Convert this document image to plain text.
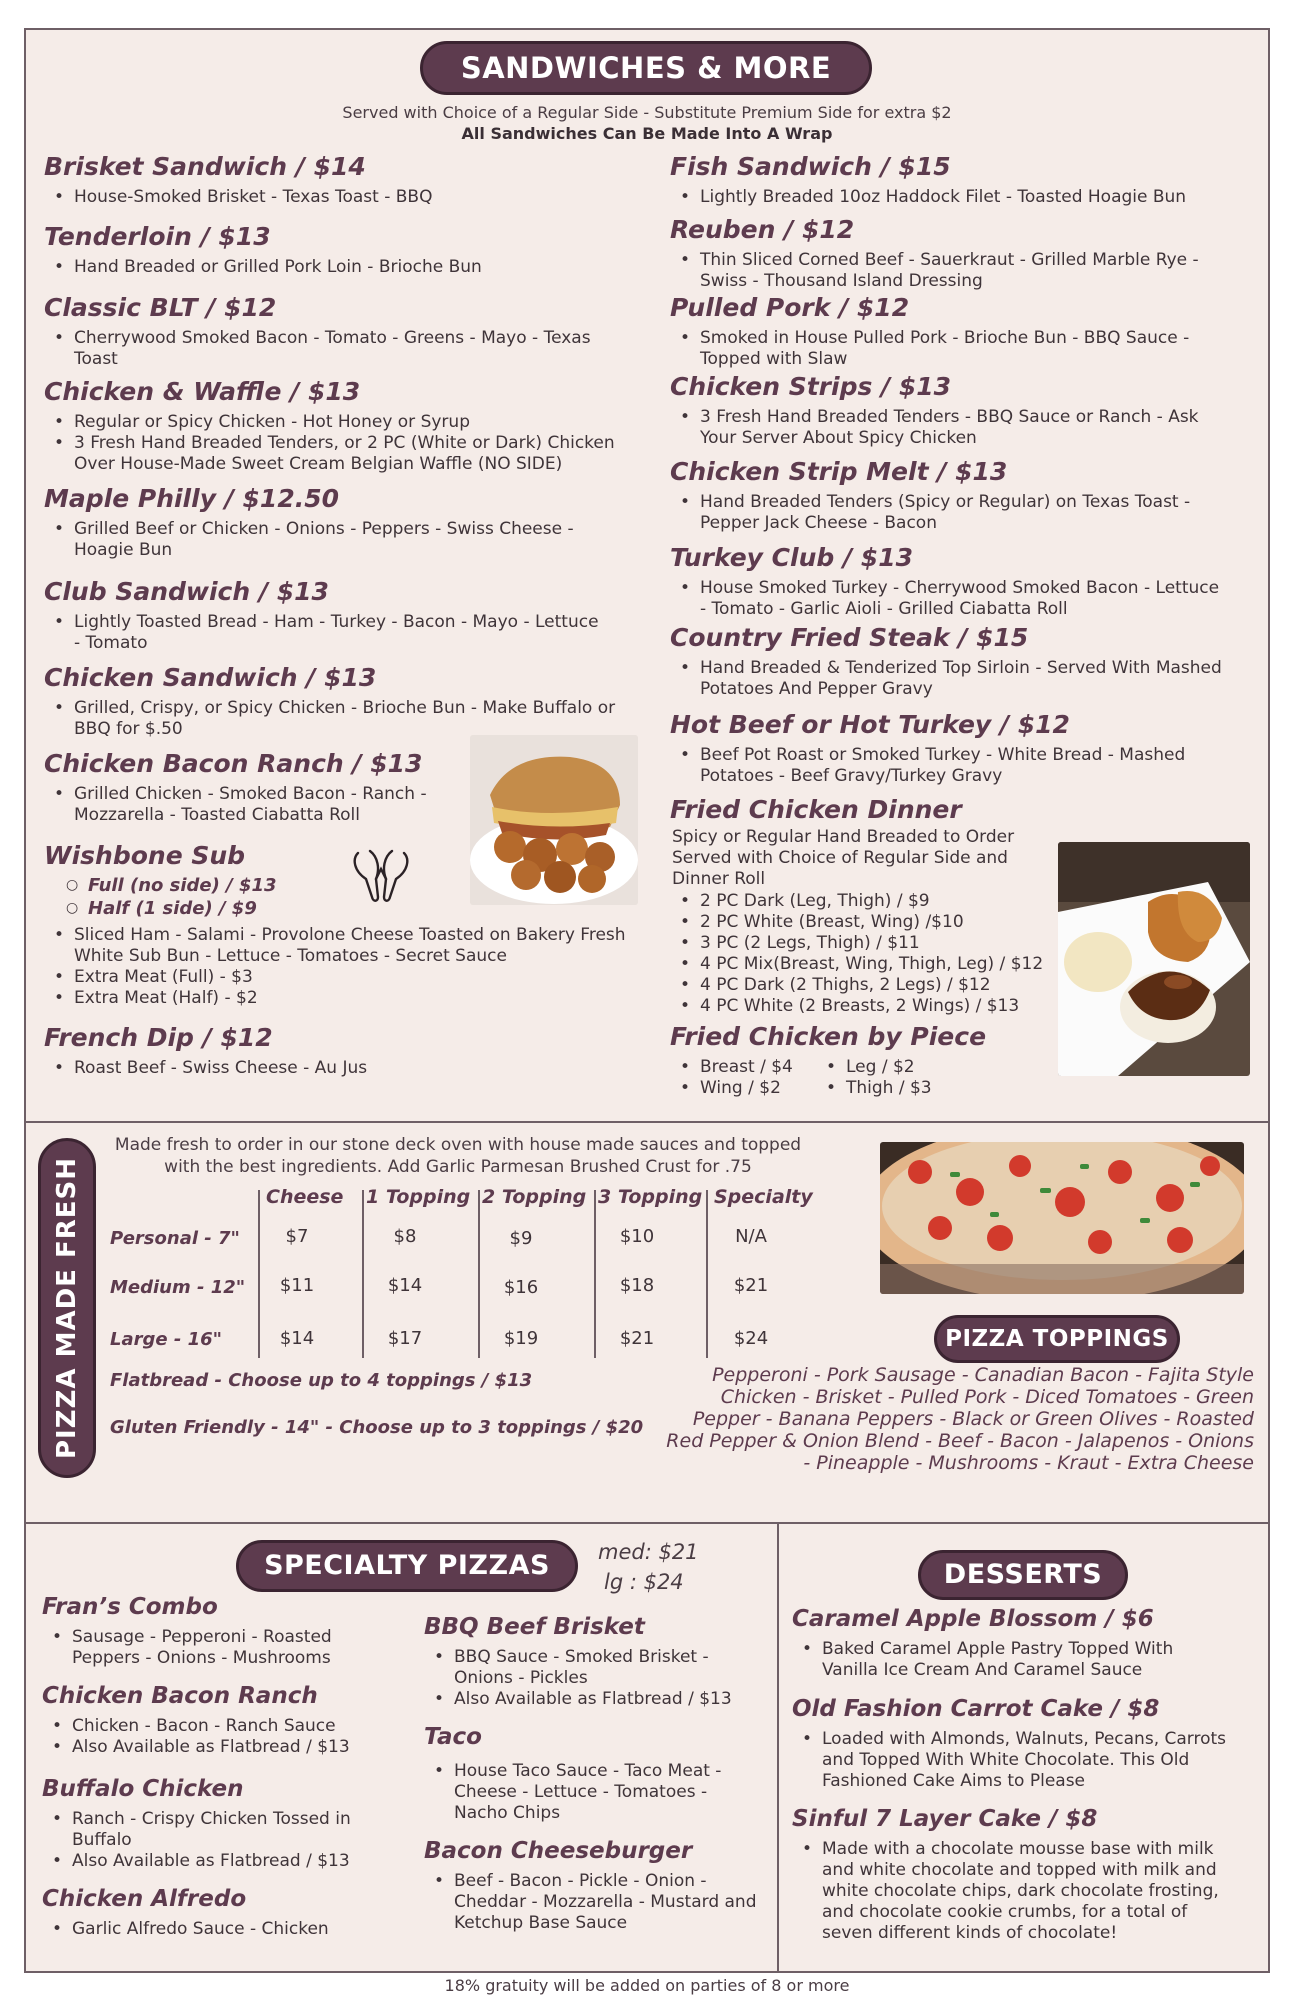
SANDWICHES & MORE
Served with Choice of a Regular Side - Substitute Premium Side for extra $2
All Sandwiches Can Be Made Into A Wrap
Brisket Sandwich / $14
• House-Smoked Brisket - Texas Toast - BBQ
Tenderloin / $13
• Hand Breaded or Grilled Pork Loin - Brioche Bun
Classic BLT / $12
• Cherrywood Smoked Bacon - Tomato - Greens - Mayo - Texas Toast
Chicken & Waffle / $13
• Regular or Spicy Chicken - Hot Honey or Syrup
• 3 Fresh Hand Breaded Tenders, or 2 PC (White or Dark) Chicken Over House-Made Sweet Cream Belgian Waffle (NO SIDE)
Maple Philly / $12.50
• Grilled Beef or Chicken - Onions - Peppers - Swiss Cheese - Hoagie Bun
Club Sandwich / $13
• Lightly Toasted Bread - Ham - Turkey - Bacon - Mayo - Lettuce - Tomato
Chicken Sandwich / $13
• Grilled, Crispy, or Spicy Chicken - Brioche Bun - Make Buffalo or BBQ for $.50
Chicken Bacon Ranch / $13
• Grilled Chicken - Smoked Bacon - Ranch - Mozzarella - Toasted Ciabatta Roll
Wishbone Sub
○ Full (no side) / $13
○ Half (1 side) / $9
• Sliced Ham - Salami - Provolone Cheese Toasted on Bakery Fresh White Sub Bun - Lettuce - Tomatoes - Secret Sauce
• Extra Meat (Full) - $3
• Extra Meat (Half) - $2
French Dip / $12
• Roast Beef - Swiss Cheese - Au Jus
Fish Sandwich / $15
• Lightly Breaded 10oz Haddock Filet - Toasted Hoagie Bun
Reuben / $12
• Thin Sliced Corned Beef - Sauerkraut - Grilled Marble Rye -Swiss - Thousand Island Dressing
Pulled Pork / $12
• Smoked in House Pulled Pork - Brioche Bun - BBQ Sauce - Topped with Slaw
Chicken Strips / $13
• 3 Fresh Hand Breaded Tenders - BBQ Sauce or Ranch - Ask Your Server About Spicy Chicken
Chicken Strip Melt / $13
• Hand Breaded Tenders (Spicy or Regular) on Texas Toast - Pepper Jack Cheese - Bacon
Turkey Club / $13
• House Smoked Turkey - Cherrywood Smoked Bacon - Lettuce - Tomato - Garlic Aioli - Grilled Ciabatta Roll
Country Fried Steak / $15
• Hand Breaded & Tenderized Top Sirloin - Served With Mashed Potatoes And Pepper Gravy
Hot Beef or Hot Turkey / $12
• Beef Pot Roast or Smoked Turkey - White Bread - Mashed Potatoes - Beef Gravy/Turkey Gravy
Fried Chicken Dinner
Spicy or Regular Hand Breaded to Order Served with Choice of Regular Side and Dinner Roll
• 2 PC Dark (Leg, Thigh) / $9
• 2 PC White (Breast, Wing) /$10
• 3 PC (2 Legs, Thigh) / $11
• 4 PC Mix(Breast, Wing, Thigh, Leg) / $12
• 4 PC Dark (2 Thighs, 2 Legs) / $12
• 4 PC White (2 Breasts, 2 Wings) / $13
Fried Chicken by Piece
• Breast / $4
• Wing / $2
• Leg / $2
• Thigh / $3
PIZZA MADE FRESH
Made fresh to order in our stone deck oven with house made sauces and topped with the best ingredients. Add Garlic Parmesan Brushed Crust for .75
Cheese 1 Topping 2 Topping 3 Topping Specialty
Personal - 7"	$7	$8	$9	$10	N/A
Medium - 12"	$11	$14	$16	$18	$21
Large - 16"	$14	$17	$19	$21	$24
Flatbread - Choose up to 4 toppings / $13
Gluten Friendly - 14" - Choose up to 3 toppings / $20
PIZZA TOPPINGS
Pepperoni - Pork Sausage - Canadian Bacon - Fajita Style Chicken - Brisket - Pulled Pork - Diced Tomatoes - Green Pepper - Banana Peppers - Black or Green Olives - Roasted Red Pepper & Onion Blend - Beef - Bacon - Jalapenos - Onions - Pineapple - Mushrooms - Kraut - Extra Cheese
SPECIALTY PIZZAS	med: $21
lg : $24
Fran’s Combo
• Sausage - Pepperoni - Roasted Peppers - Onions - Mushrooms
Chicken Bacon Ranch
• Chicken - Bacon - Ranch Sauce
• Also Available as Flatbread / $13
Buffalo Chicken
• Ranch - Crispy Chicken Tossed in Buffalo
• Also Available as Flatbread / $13
Chicken Alfredo
• Garlic Alfredo Sauce - Chicken
BBQ Beef Brisket
• BBQ Sauce - Smoked Brisket - Onions - Pickles
• Also Available as Flatbread / $13
Taco
• House Taco Sauce - Taco Meat - Cheese - Lettuce - Tomatoes - Nacho Chips
Bacon Cheeseburger
• Beef - Bacon - Pickle - Onion - Cheddar - Mozzarella - Mustard and Ketchup Base Sauce
DESSERTS
Caramel Apple Blossom / $6
• Baked Caramel Apple Pastry Topped With Vanilla Ice Cream And Caramel Sauce
Old Fashion Carrot Cake / $8
• Loaded with Almonds, Walnuts, Pecans, Carrots and Topped With White Chocolate. This Old Fashioned Cake Aims to Please
Sinful 7 Layer Cake / $8
• Made with a chocolate mousse base with milk and white chocolate and topped with milk and white chocolate chips, dark chocolate frosting, and chocolate cookie crumbs, for a total of seven different kinds of chocolate!
18% gratuity will be added on parties of 8 or more
